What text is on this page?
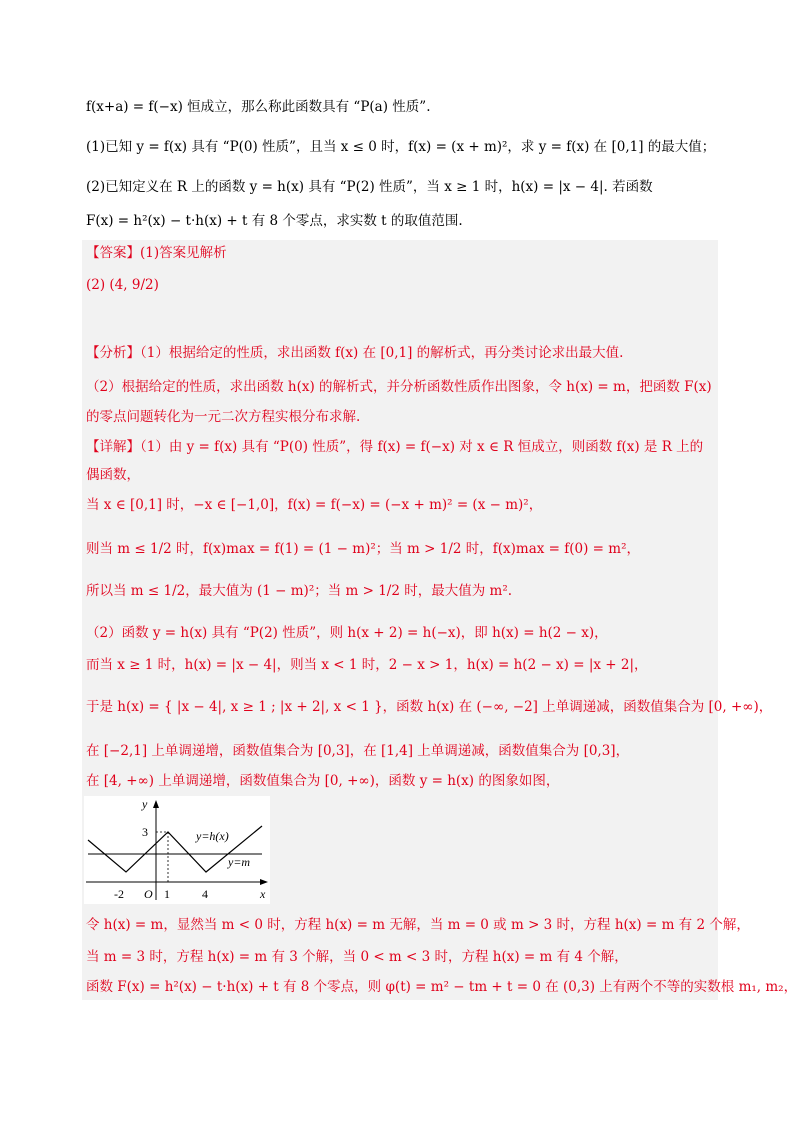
f(x+a) = f(−x) 恒成立，那么称此函数具有 “P(a) 性质”.
(1)已知 y = f(x) 具有 “P(0) 性质”，且当 x ≤ 0 时，f(x) = (x + m)²，求 y = f(x) 在 [0,1] 的最大值；
(2)已知定义在 R 上的函数 y = h(x) 具有 “P(2) 性质”，当 x ≥ 1 时，h(x) = |x − 4|. 若函数
F(x) = h²(x) − t·h(x) + t 有 8 个零点，求实数 t 的取值范围.
【答案】(1)答案见解析
(2) (4, 9/2)
【分析】（1）根据给定的性质，求出函数 f(x) 在 [0,1] 的解析式，再分类讨论求出最大值.
（2）根据给定的性质，求出函数 h(x) 的解析式，并分析函数性质作出图象，令 h(x) = m，把函数 F(x)
的零点问题转化为一元二次方程实根分布求解.
【详解】（1）由 y = f(x) 具有 “P(0) 性质”，得 f(x) = f(−x) 对 x ∈ R 恒成立，则函数 f(x) 是 R 上的
偶函数，
当 x ∈ [0,1] 时，−x ∈ [−1,0]，f(x) = f(−x) = (−x + m)² = (x − m)²，
则当 m ≤ 1/2 时，f(x)max = f(1) = (1 − m)²；当 m > 1/2 时，f(x)max = f(0) = m²，
所以当 m ≤ 1/2，最大值为 (1 − m)²；当 m > 1/2 时，最大值为 m².
（2）函数 y = h(x) 具有 “P(2) 性质”，则 h(x + 2) = h(−x)，即 h(x) = h(2 − x)，
而当 x ≥ 1 时，h(x) = |x − 4|，则当 x < 1 时，2 − x > 1，h(x) = h(2 − x) = |x + 2|，
于是 h(x) = { |x − 4|, x ≥ 1 ; |x + 2|, x < 1 }，函数 h(x) 在 (−∞, −2] 上单调递减，函数值集合为 [0, +∞)，
在 [−2,1] 上单调递增，函数值集合为 [0,3]，在 [1,4] 上单调递减，函数值集合为 [0,3]，
在 [4, +∞) 上单调递增，函数值集合为 [0, +∞)，函数 y = h(x) 的图象如图，
y
x
3
-2 O 1	4
y=h(x)
y=m
令 h(x) = m，显然当 m < 0 时，方程 h(x) = m 无解，当 m = 0 或 m > 3 时，方程 h(x) = m 有 2 个解，
当 m = 3 时，方程 h(x) = m 有 3 个解，当 0 < m < 3 时，方程 h(x) = m 有 4 个解，
函数 F(x) = h²(x) − t·h(x) + t 有 8 个零点，则 φ(t) = m² − tm + t = 0 在 (0,3) 上有两个不等的实数根 m₁, m₂，
